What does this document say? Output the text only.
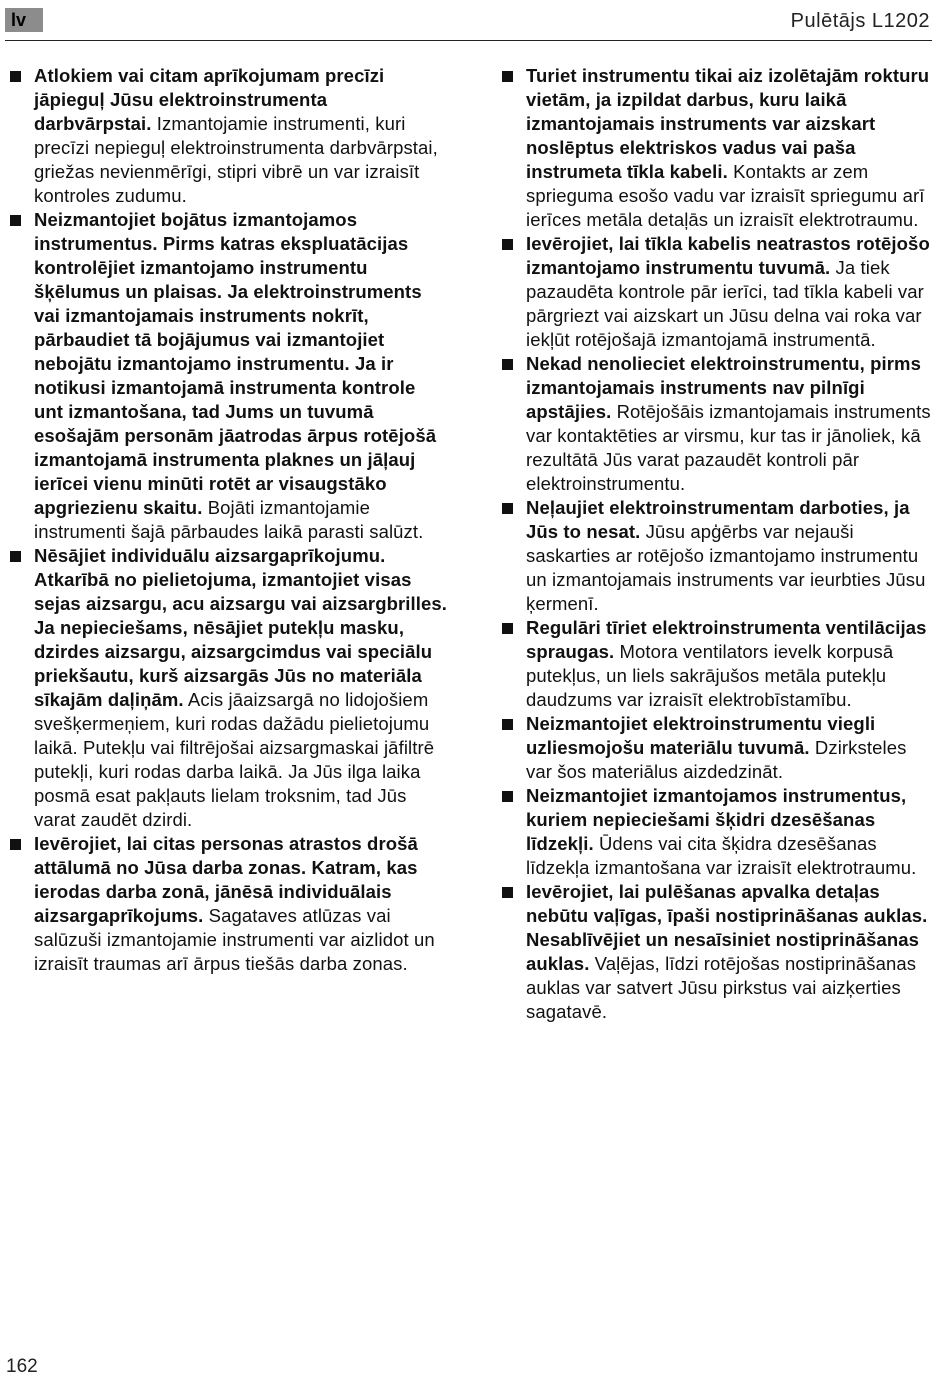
lv	Pulētājs L1202
Atlokiem vai citam aprīkojumam precīzi jāpieguļ Jūsu elektroinstrumenta darbvārpstai. Izmantojamie instrumenti, kuri precīzi nepieguļ elektroinstrumenta darbvārpstai, griežas nevienmērīgi, stipri vibrē un var izraisīt kontroles zudumu.
Neizmantojiet bojātus izmantojamos instrumentus. Pirms katras ekspluatācijas kontrolējiet izmantojamo instrumentu šķēlumus un plaisas. Ja elektroinstruments vai izmantojamais instruments nokrīt, pārbaudiet tā bojājumus vai izmantojiet nebojātu izmantojamo instrumentu. Ja ir notikusi izmantojamā instrumenta kontrole unt izmantošana, tad Jums un tuvumā esošajām personām jāatrodas ārpus rotējošā izmantojamā instrumenta plaknes un jāļauj ierīcei vienu minūti rotēt ar visaugstāko apgriezienu skaitu. Bojāti izmantojamie instrumenti šajā pārbaudes laikā parasti salūzt.
Nēsājiet individuālu aizsargaprīkojumu. Atkarībā no pielietojuma, izmantojiet visas sejas aizsargu, acu aizsargu vai aizsargbrilles. Ja nepieciešams, nēsājiet putekļu masku, dzirdes aizsargu, aizsargcimdus vai speciālu priekšautu, kurš aizsargās Jūs no materiāla sīkajām daļiņām. Acis jāaizsargā no lidojošiem svešķermeņiem, kuri rodas dažādu pielietojumu laikā. Putekļu vai filtrējošai aizsargmaskai jāfiltrē putekļi, kuri rodas darba laikā. Ja Jūs ilga laika posmā esat pakļauts lielam troksnim, tad Jūs varat zaudēt dzirdi.
Ievērojiet, lai citas personas atrastos drošā attālumā no Jūsa darba zonas. Katram, kas ierodas darba zonā, jānēsā individuālais aizsargaprīkojums. Sagataves atlūzas vai salūzuši izmantojamie instrumenti var aizlidot un izraisīt traumas arī ārpus tiešās darba zonas.
Turiet instrumentu tikai aiz izolētajām rokturu vietām, ja izpildat darbus, kuru laikā izmantojamais instruments var aizskart noslēptus elektriskos vadus vai paša instrumeta tīkla kabeli. Kontakts ar zem sprieguma esošo vadu var izraisīt spriegumu arī ierīces metāla detaļās un izraisīt elektrotraumu.
Ievērojiet, lai tīkla kabelis neatrastos rotējošo izmantojamo instrumentu tuvumā. Ja tiek pazaudēta kontrole pār ierīci, tad tīkla kabeli var pārgriezt vai aizskart un Jūsu delna vai roka var iekļūt rotējošajā izmantojamā instrumentā.
Nekad nenolieciet elektroinstrumentu, pirms izmantojamais instruments nav pilnīgi apstājies. Rotējošāis izmantojamais instruments var kontaktēties ar virsmu, kur tas ir jānoliek, kā rezultātā Jūs varat pazaudēt kontroli pār elektroinstrumentu.
Neļaujiet elektroinstrumentam darboties, ja Jūs to nesat. Jūsu apģērbs var nejauši saskarties ar rotējošo izmantojamo instrumentu un izmantojamais instruments var ieurbties Jūsu ķermenī.
Regulāri tīriet elektroinstrumenta ventilācijas spraugas. Motora ventilators ievelk korpusā putekļus, un liels sakrājušos metāla putekļu daudzums var izraisīt elektrobīstamību.
Neizmantojiet elektroinstrumentu viegli uzliesmojošu materiālu tuvumā. Dzirksteles var šos materiālus aizdedzināt.
Neizmantojiet izmantojamos instrumentus, kuriem nepieciešami šķidri dzesēšanas līdzekļi. Ūdens vai cita šķidra dzesēšanas līdzekļa izmantošana var izraisīt elektrotraumu.
Ievērojiet, lai pulēšanas apvalka detaļas nebūtu vaļīgas, īpaši nostiprināšanas auklas. Nesablīvējiet un nesaīsiniet nostiprināšanas auklas. Vaļējas, līdzi rotējošas nostiprināšanas auklas var satvert Jūsu pirkstus vai aizķerties sagatavē.
162
